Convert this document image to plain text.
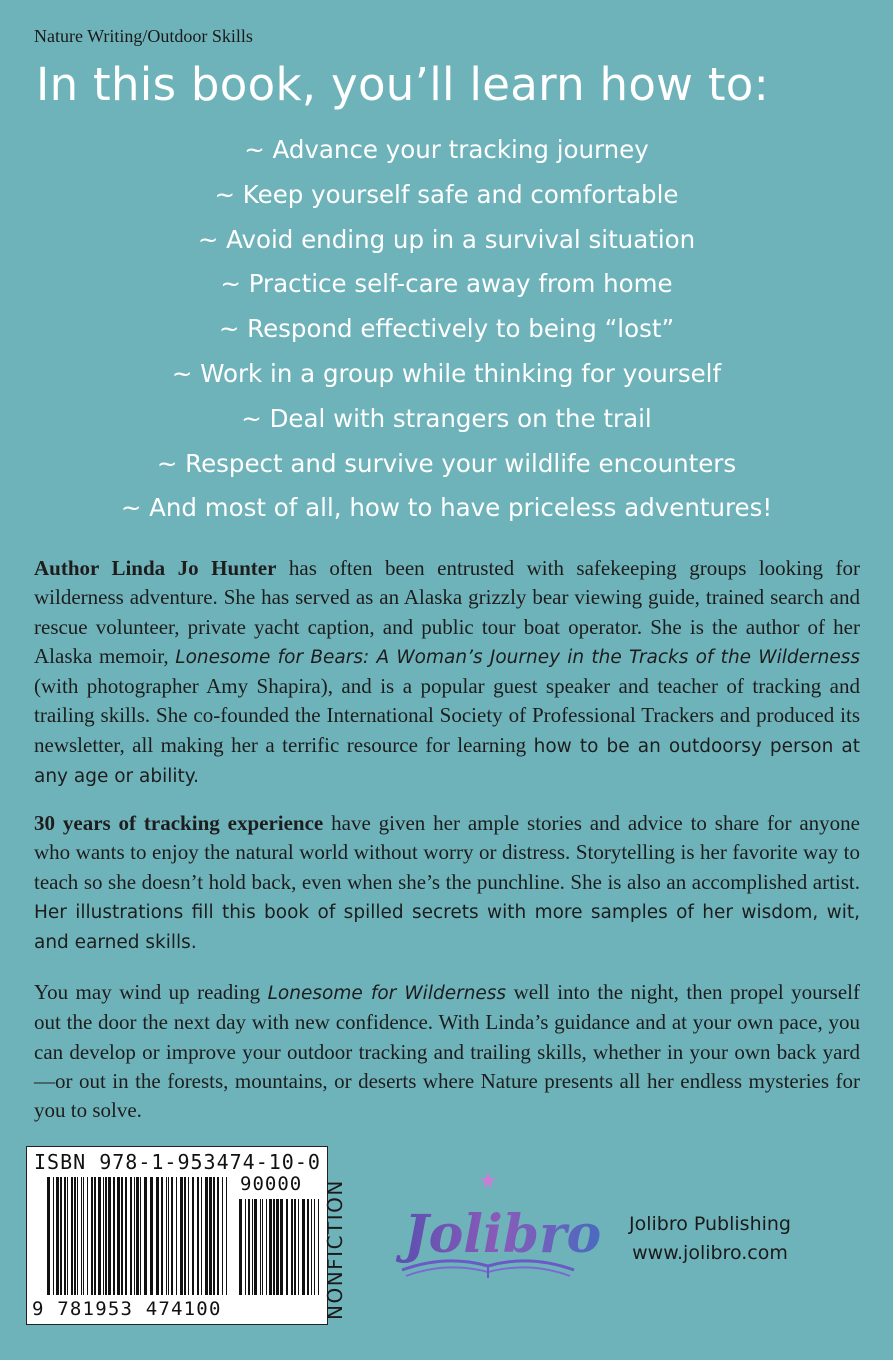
Nature Writing/Outdoor Skills
In this book, you’ll learn how to:
~ Advance your tracking journey
~ Keep yourself safe and comfortable
~ Avoid ending up in a survival situation
~ Practice self-care away from home
~ Respond effectively to being “lost”
~ Work in a group while thinking for yourself
~ Deal with strangers on the trail
~ Respect and survive your wildlife encounters
~ And most of all, how to have priceless adventures!

Author Linda Jo Hunter has often been entrusted with safekeeping groups looking for wilderness adventure. She has served as an Alaska grizzly bear viewing guide, trained search and rescue volunteer, private yacht caption, and public tour boat operator. She is the author of her Alaska memoir, Lonesome for Bears: A Woman’s Journey in the Tracks of the Wilderness (with photographer Amy Shapira), and is a popular guest speaker and teacher of tracking and trailing skills. She co-founded the International Society of Professional Trackers and produced its newsletter, all making her a terrific resource for learning how to be an outdoorsy person at any age or ability.

30 years of tracking experience have given her ample stories and advice to share for anyone who wants to enjoy the natural world without worry or distress. Storytelling is her favorite way to teach so she doesn’t hold back, even when she’s the punchline. She is also an accomplished artist. Her illustrations fill this book of spilled secrets with more samples of her wisdom, wit, and earned skills.

You may wind up reading Lonesome for Wilderness well into the night, then propel yourself out the door the next day with new confidence. With Linda’s guidance and at your own pace, you can develop or improve your outdoor tracking and trailing skills, whether in your own back yard—or out in the forests, mountains, or deserts where Nature presents all her endless mysteries for you to solve.

ISBN 978-1-953474-10-0
90000
9 781953 474100	NONFICTION Jolibro	Jolibro Publishing
www.jolibro.com
